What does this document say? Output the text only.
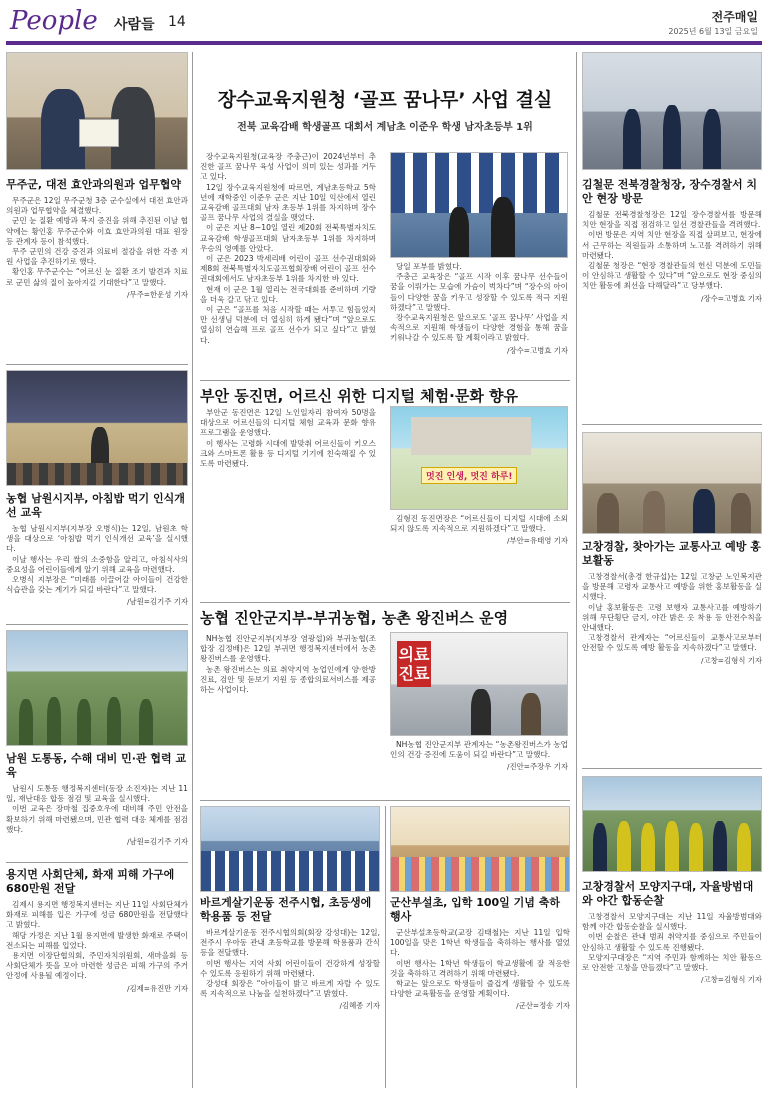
People 사람들 14	전주매일
2025년 6월 13일 금요일
무주군, 대전 효안과의원과 업무협약

무주군은 12일 무주군청 3층 군수실에서 대전 효안과의원과 업무협약을 체결했다.

군민 눈 질환 예방과 복지 증진을 위해 추진된 이날 협약에는 황인홍 무주군수와 이효 효안과의원 대표 원장 등 관계자 등이 참석했다.

무주 군민의 건강 증진과 의료비 절감을 위한 각종 지원 사업을 추진하기로 했다.

황인홍 무주군수는 “어르신 눈 질환 조기 발견과 치료로 군민 삶의 질이 높아지길 기대한다”고 말했다.

/무주=한운성 기자
농협 남원시지부, 아침밥 먹기 인식개선 교육

농협 남원시지부(지부장 오병식)는 12일, 남원초 학생을 대상으로 ‘아침밥 먹기 인식개선 교육’을 실시했다.

이날 행사는 우리 쌀의 소중함을 알리고, 아침식사의 중요성을 어린이들에게 알기 위해 교육을 마련했다.

오병식 지부장은 “미래를 이끌어갈 아이들이 건강한 식습관을 갖는 계기가 되길 바란다”고 말했다.

/남원=김기주 기자
남원 도통동, 수해 대비 민·관 협력 교육

남원시 도통동 행정복지센터(동장 소진자)는 지난 11일, 재난대응 합동 점검 및 교육을 실시했다.

이번 교육은 장마철 집중호우에 대비해 주민 안전을 확보하기 위해 마련됐으며, 민관 협력 대응 체계를 점검했다.

/남원=김기주 기자
용지면 사회단체, 화재 피해 가구에 680만원 전달

김제시 용지면 행정복지센터는 지난 11일 사회단체가 화재로 피해를 입은 가구에 성금 680만원을 전달했다고 밝혔다.

해당 가정은 지난 1월 용지면에 발생한 화재로 주택이 전소되는 피해를 입었다.

용지면 이장단협의회, 주민자치위원회, 새마을회 등 사회단체가 뜻을 모아 마련한 성금은 피해 가구의 주거 안정에 사용될 예정이다.

/김제=유진만 기자
장수교육지원청 ‘골프 꿈나무’ 사업 결실
전북 교육감배 학생골프 대회서 계남초 이준우 학생 남자초등부 1위

장수교육지원청(교육장 주충근)이 2024년부터 추진한 골프 꿈나무 육성 사업이 의미 있는 성과를 거두고 있다.

12일 장수교육지원청에 따르면, 계남초등학교 5학년에 재학중인 이준우 군은 지난 10일 익산에서 열린 교육감배 골프대회 남자 초등부 1위를 차지하며 장수 골프 꿈나무 사업의 결실을 맺었다.

이 군은 지난 8~10일 열린 제20회 전북특별자치도교육감배 학생골프대회 남자초등부 1위를 차지하며 우승의 영예를 안았다.

이 군은 2023 박세리배 어린이 골프 선수권대회와 제8회 전북특별자치도골프협회장배 어린이 골프 선수권대회에서도 남자초등부 1위를 차지한 바 있다.

현재 이 군은 1월 열리는 전국대회를 준비하며 기량을 더욱 갈고 닦고 있다.

이 군은 “골프를 처음 시작할 때는 서투고 힘들었지만 선생님 덕분에 더 열심히 하게 됐다”며 “앞으로도 열심히 연습해 프로 골프 선수가 되고 싶다”고 밝혔다.

당일 포부를 밝혔다.

주충근 교육장은 “골프 시작 이후 꿈나무 선수들이 꿈을 이뤄가는 모습에 가슴이 벅차다”며 “장수의 아이들이 다양한 꿈을 키우고 성장할 수 있도록 적극 지원하겠다”고 말했다.

장수교육지원청은 앞으로도 ‘골프 꿈나무’ 사업을 지속적으로 지원해 학생들이 다양한 경험을 통해 꿈을 키워나갈 수 있도록 할 계획이라고 밝혔다.

/장수=고병효 기자
부안 동진면, 어르신 위한 디지털 체험·문화 향유

부안군 동진면은 12일 노인일자리 참여자 50명을 대상으로 어르신들의 디지털 체험 교육과 문화 향유 프로그램을 운영했다.

이 행사는 고령화 시대에 발맞춰 어르신들이 키오스크와 스마트폰 활용 등 디지털 기기에 친숙해질 수 있도록 마련됐다.

멋진 인생, 멋진 하루!

김형진 동진면장은 “어르신들이 디지털 시대에 소외되지 않도록 지속적으로 지원하겠다”고 말했다.

/부안=유태영 기자
농협 진안군지부-부귀농협, 농촌 왕진버스 운영

NH농협 진안군지부(지부장 염광섭)와 부귀농협(조합장 김정배)은 12일 부귀면 행정복지센터에서 농촌 왕진버스를 운영했다.

농촌 왕진버스는 의료 취약지역 농업인에게 양·한방 진료, 검안 및 돋보기 지원 등 종합의료서비스를 제공하는 사업이다.

의료 진료

NH농협 진안군지부 관계자는 “농촌왕진버스가 농업인의 건강 증진에 도움이 되길 바란다”고 말했다.

/진안=주장우 기자
바르게살기운동 전주시협, 초등생에 학용품 등 전달

바르게살기운동 전주시협의회(회장 강성대)는 12일, 전주시 우아동 관내 초등학교를 방문해 학용품과 간식 등을 전달했다.

이번 행사는 지역 사회 어린이들이 건강하게 성장할 수 있도록 응원하기 위해 마련됐다.

강성대 회장은 “아이들이 밝고 바르게 자랄 수 있도록 지속적으로 나눔을 실천하겠다”고 밝혔다.

/김혜종 기자
군산부설초, 입학 100일 기념 축하 행사

군산부설초등학교(교장 김태철)는 지난 11일 입학 100일을 맞은 1학년 학생들을 축하하는 행사를 열었다.

이번 행사는 1학년 학생들이 학교생활에 잘 적응한 것을 축하하고 격려하기 위해 마련됐다.

학교는 앞으로도 학생들이 즐겁게 생활할 수 있도록 다양한 교육활동을 운영할 계획이다.

/군산=정송 기자
김철문 전북경찰청장, 장수경찰서 치안 현장 방문

김철문 전북경찰청장은 12일 장수경찰서를 방문해 치안 현장을 직접 점검하고 일선 경찰관들을 격려했다.

이번 방문은 지역 치안 현장을 직접 살펴보고, 현장에서 근무하는 직원들과 소통하며 노고를 격려하기 위해 마련됐다.

김철문 청장은 “현장 경찰관들의 헌신 덕분에 도민들이 안심하고 생활할 수 있다”며 “앞으로도 현장 중심의 치안 활동에 최선을 다해달라”고 당부했다.

/장수=고병효 기자
고창경찰, 찾아가는 교통사고 예방 홍보활동

고창경찰서(총경 한규섭)는 12일 고창군 노인복지관을 방문해 고령자 교통사고 예방을 위한 홍보활동을 실시했다.

이날 홍보활동은 고령 보행자 교통사고를 예방하기 위해 무단횡단 금지, 야간 밝은 옷 착용 등 안전수칙을 안내했다.

고창경찰서 관계자는 “어르신들이 교통사고로부터 안전할 수 있도록 예방 활동을 지속하겠다”고 말했다.

/고창=김형식 기자
고창경찰서 모양지구대, 자율방범대와 야간 합동순찰

고창경찰서 모양지구대는 지난 11일 자율방범대와 함께 야간 합동순찰을 실시했다.

이번 순찰은 관내 범죄 취약지를 중심으로 주민들이 안심하고 생활할 수 있도록 진행됐다.

모양지구대장은 “지역 주민과 함께하는 치안 활동으로 안전한 고창을 만들겠다”고 말했다.

/고창=김형식 기자
